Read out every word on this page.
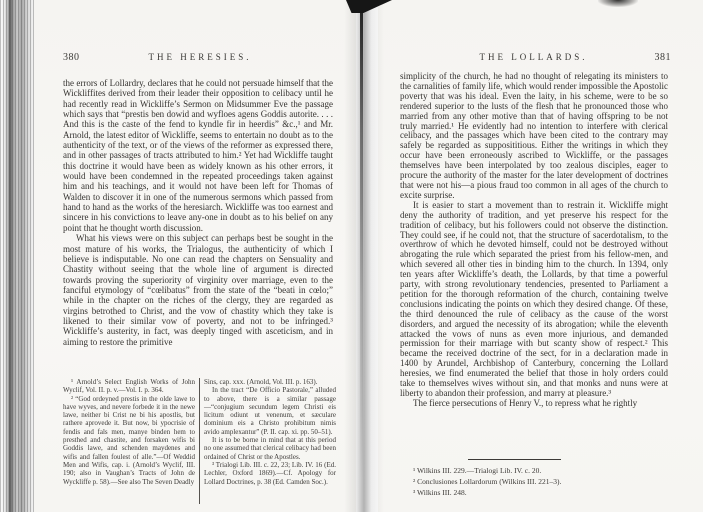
380	THE HERESIES.

the errors of Lollardry, declares that he could not persuade himself that the Wickliffites derived from their leader their opposition to celibacy until he had recently read in Wickliffe’s Sermon on Midsummer Eve the passage which says that “prestis ben dowid and wyfloes agens Goddis autorite. . . . And this is the caste of the fend to kyndle fir in heerdis” &c.,¹ and Mr. Arnold, the latest editor of Wickliffe, seems to entertain no doubt as to the authenticity of the text, or of the views of the reformer as expressed there, and in other passages of tracts attributed to him.² Yet had Wickliffe taught this doctrine it would have been as widely known as his other errors, it would have been condemned in the repeated proceedings taken against him and his teachings, and it would not have been left for Thomas of Walden to discover it in one of the numerous sermons which passed from hand to hand as the works of the heresiarch. Wickliffe was too earnest and sincere in his convictions to leave any-one in doubt as to his belief on any point that he thought worth discussion.

What his views were on this subject can perhaps best be sought in the most mature of his works, the Trialogus, the authenticity of which I believe is indisputable. No one can read the chapters on Sensuality and Chastity without seeing that the whole line of argument is directed towards proving the superiority of virginity over marriage, even to the fanciful etymology of “cœlibatus” from the state of the “beati in cœlo;” while in the chapter on the riches of the clergy, they are regarded as virgins betrothed to Christ, and the vow of chastity which they take is likened to their similar vow of poverty, and not to be infringed.³ Wickliffe’s austerity, in fact, was deeply tinged with asceticism, and in aiming to restore the primitive

¹ Arnold’s Select English Works of John Wyclif, Vol. II. p. v.—Vol. I. p. 364.

² “God ordeyned prestis in the olde lawe to have wyves, and nevere forbede it in the newe lawe, neither bi Crist ne bi his apostlis, but rathere aprovede it. But now, bi ypocrisie of fendis and fals men, manye binden hem to presthed and chastite, and forsaken wifis bi Goddis lawe, and schenden maydenes and wifis and fallen foulest of alle.”—Of Weddid Men and Wifis, cap. i. (Arnold’s Wyclif, III. 190; also in Vaughan’s Tracts of John de Wyckliffe p. 58).—See also The Seven Deadly

Sins, cap. xxx. (Arnold, Vol. III. p. 163).

In the tract “De Officio Pastorale,” alluded to above, there is a similar passage—“conjugium secundum legem Christi eis licitum odiunt ut venenum, et sæculare dominium eis a Christo prohibitum nimis avido amplexantur” (P. II. cap. xi. pp. 50–51).

It is to be borne in mind that at this period no one assumed that clerical celibacy had been ordained of Christ or the Apostles.

³ Trialogi Lib. III. c. 22, 23; Lib. IV. 16 (Ed. Lechler, Oxford 1869).—Cf. Apology for Lollard Doctrines, p. 38 (Ed. Camden Soc.).

THE LOLLARDS.	381

simplicity of the church, he had no thought of relegating its ministers to the carnalities of family life, which would render impossible the Apostolic poverty that was his ideal. Even the laity, in his scheme, were to be so rendered superior to the lusts of the flesh that he pronounced those who married from any other motive than that of having offspring to be not truly married.¹ He evidently had no intention to interfere with clerical celibacy, and the passages which have been cited to the contrary may safely be regarded as supposititious. Either the writings in which they occur have been erroneously ascribed to Wickliffe, or the passages themselves have been interpolated by too zealous disciples, eager to procure the authority of the master for the later development of doctrines that were not his—a pious fraud too common in all ages of the church to excite surprise.

It is easier to start a movement than to restrain it. Wickliffe might deny the authority of tradition, and yet preserve his respect for the tradition of celibacy, but his followers could not observe the distinction. They could see, if he could not, that the structure of sacerdotalism, to the overthrow of which he devoted himself, could not be destroyed without abrogating the rule which separated the priest from his fellow-men, and which severed all other ties in binding him to the church. In 1394, only ten years after Wickliffe’s death, the Lollards, by that time a powerful party, with strong revolutionary tendencies, presented to Parliament a petition for the thorough reformation of the church, containing twelve conclusions indicating the points on which they desired change. Of these, the third denounced the rule of celibacy as the cause of the worst disorders, and argued the necessity of its abrogation; while the eleventh attacked the vows of nuns as even more injurious, and demanded permission for their marriage with but scanty show of respect.² This became the received doctrine of the sect, for in a declaration made in 1400 by Arundel, Archbishop of Canterbury, concerning the Lollard heresies, we find enumerated the belief that those in holy orders could take to themselves wives without sin, and that monks and nuns were at liberty to abandon their profession, and marry at pleasure.³

The fierce persecutions of Henry V., to repress what he rightly

¹ Wilkins III. 229.—Trialogi Lib. IV. c. 20.

² Conclusiones Lollardorum (Wilkins III. 221–3).

³ Wilkins III. 248.
